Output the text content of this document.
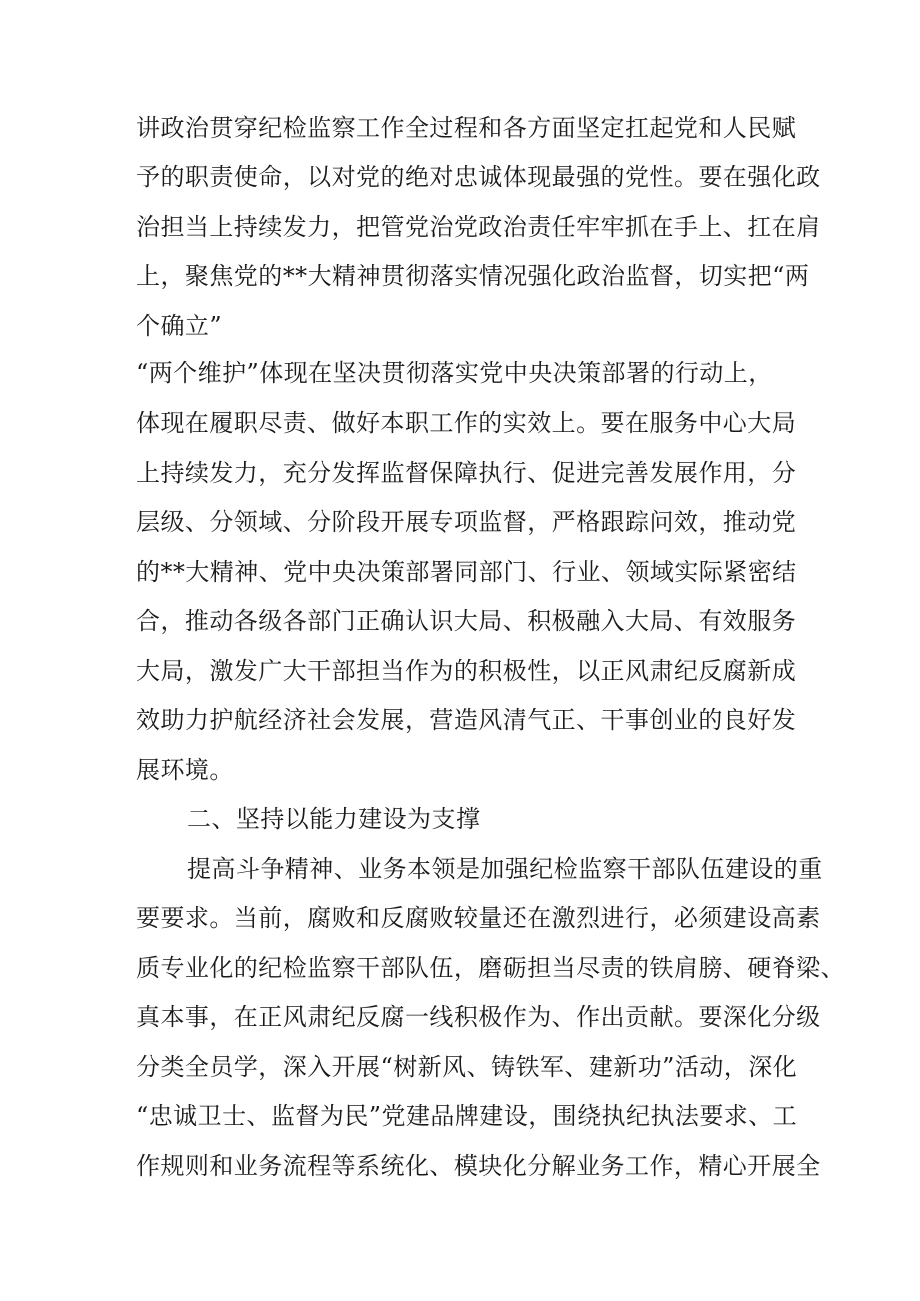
讲政治贯穿纪检监察工作全过程和各方面坚定扛起党和人民赋
予的职责使命，以对党的绝对忠诚体现最强的党性。要在强化政
治担当上持续发力，把管党治党政治责任牢牢抓在手上、扛在肩
上，聚焦党的**大精神贯彻落实情况强化政治监督，切实把“两
个确立”
“两个维护”体现在坚决贯彻落实党中央决策部署的行动上，
体现在履职尽责、做好本职工作的实效上。要在服务中心大局
上持续发力，充分发挥监督保障执行、促进完善发展作用，分
层级、分领域、分阶段开展专项监督，严格跟踪问效，推动党
的**大精神、党中央决策部署同部门、行业、领域实际紧密结
合，推动各级各部门正确认识大局、积极融入大局、有效服务
大局，激发广大干部担当作为的积极性，以正风肃纪反腐新成
效助力护航经济社会发展，营造风清气正、干事创业的良好发
展环境。
二、坚持以能力建设为支撑
提高斗争精神、业务本领是加强纪检监察干部队伍建设的重
要要求。当前，腐败和反腐败较量还在激烈进行，必须建设高素
质专业化的纪检监察干部队伍，磨砺担当尽责的铁肩膀、硬脊梁、
真本事，在正风肃纪反腐一线积极作为、作出贡献。要深化分级
分类全员学，深入开展“树新风、铸铁军、建新功”活动，深化
“忠诚卫士、监督为民”党建品牌建设，围绕执纪执法要求、工
作规则和业务流程等系统化、模块化分解业务工作，精心开展全
